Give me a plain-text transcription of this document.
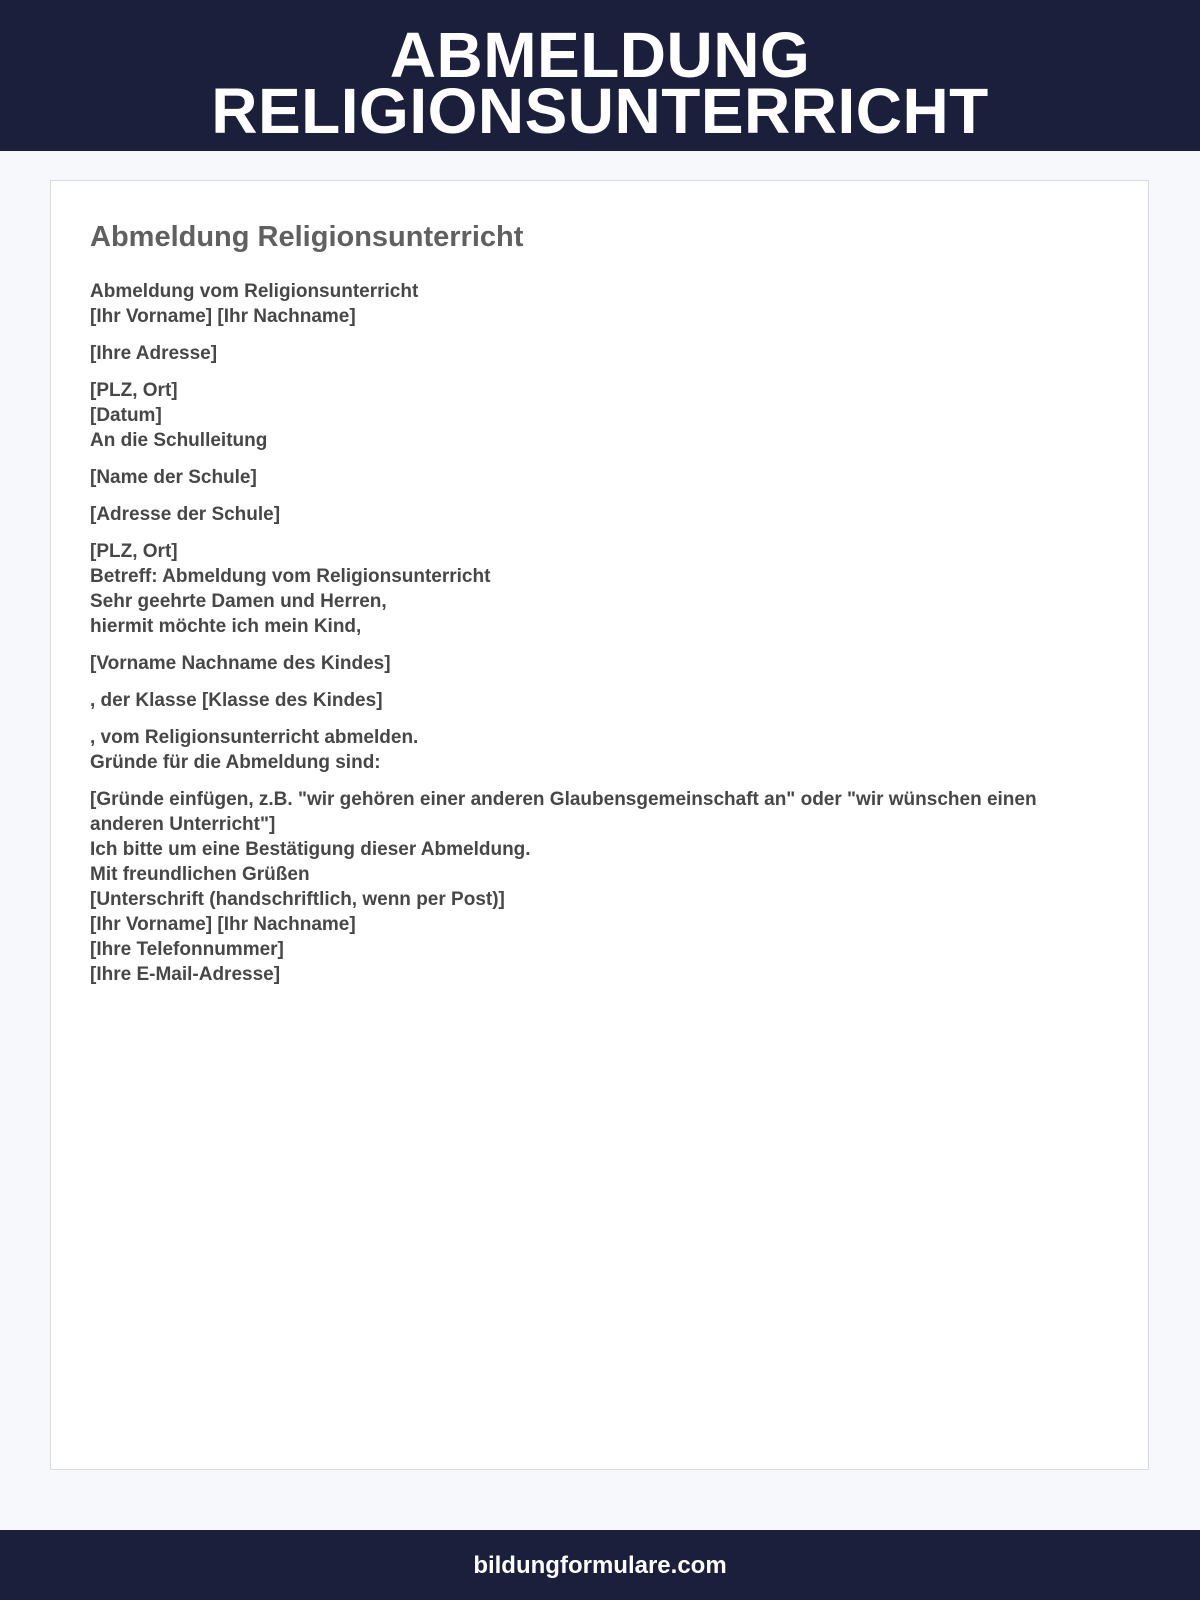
ABMELDUNG
RELIGIONSUNTERRICHT
Abmeldung Religionsunterricht

Abmeldung vom Religionsunterricht
[Ihr Vorname] [Ihr Nachname]

[Ihre Adresse]

[PLZ, Ort]
[Datum]
An die Schulleitung

[Name der Schule]

[Adresse der Schule]

[PLZ, Ort]
Betreff: Abmeldung vom Religionsunterricht
Sehr geehrte Damen und Herren,
hiermit möchte ich mein Kind,

[Vorname Nachname des Kindes]

, der Klasse [Klasse des Kindes]

, vom Religionsunterricht abmelden.
Gründe für die Abmeldung sind:

[Gründe einfügen, z.B. "wir gehören einer anderen Glaubensgemeinschaft an" oder "wir wünschen einen anderen Unterricht"]
Ich bitte um eine Bestätigung dieser Abmeldung.
Mit freundlichen Grüßen
[Unterschrift (handschriftlich, wenn per Post)]
[Ihr Vorname] [Ihr Nachname]
[Ihre Telefonnummer]
[Ihre E-Mail-Adresse]

bildungformulare.com
